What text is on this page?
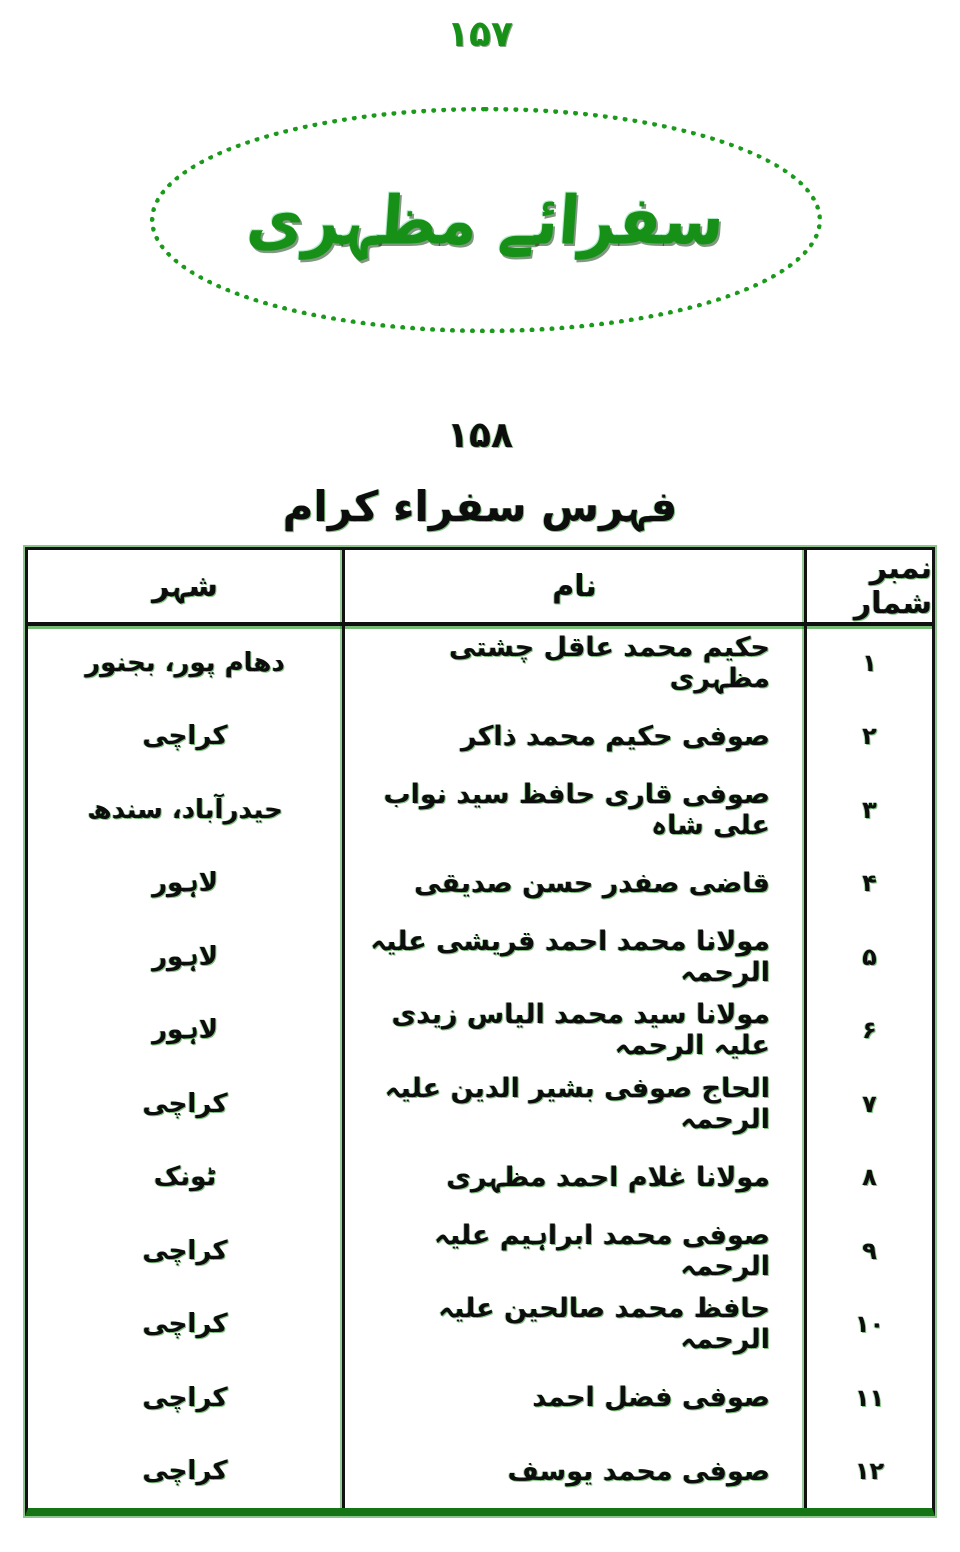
۱۵۷
سفرائے مظہری
۱۵۸
فہرس سفراء کرام
نمبر شمار
نام
شہر
۱
حکیم محمد عاقل چشتی مظہری
دھام پور، بجنور
۲
صوفی حکیم محمد ذاکر
کراچی
۳
صوفی قاری حافظ سید نواب علی شاہ
حیدرآباد، سندھ
۴
قاضی صفدر حسن صدیقی
لاہور
۵
مولانا محمد احمد قریشی علیہ الرحمہ
لاہور
۶
مولانا سید محمد الیاس زیدی علیہ الرحمہ
لاہور
۷
الحاج صوفی بشیر الدین علیہ الرحمہ
کراچی
۸
مولانا غلام احمد مظہری
ٹونک
۹
صوفی محمد ابراہیم علیہ الرحمہ
کراچی
۱۰
حافظ محمد صالحین علیہ الرحمہ
کراچی
۱۱
صوفی فضل احمد
کراچی
۱۲
صوفی محمد یوسف
کراچی
